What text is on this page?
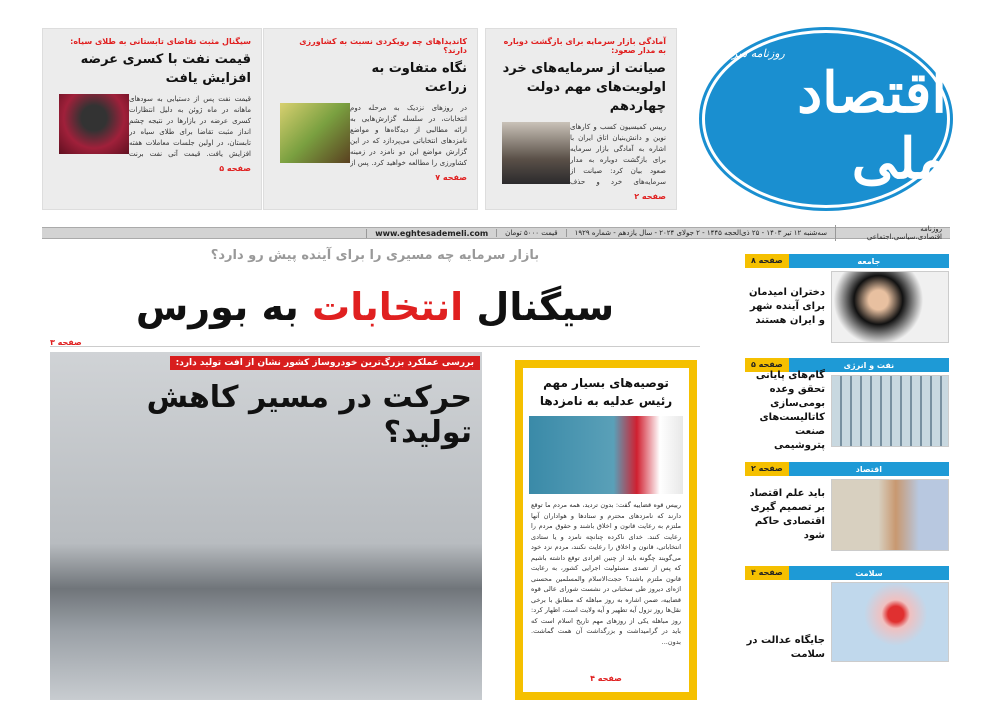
آمادگی بازار سرمایه برای بازگشت دوباره به مدار صعود:
صیانت از سرمایه‌های خرد اولویت‌های مهم دولت چهاردهم
رییس کمیسیون کسب و کارهای نوین و دانش‌بنیان اتاق ایران با اشاره به آمادگی بازار سرمایه برای بازگشت دوباره به مدار صعود بیان کرد: صیانت از سرمایه‌های خرد و حذف
صفحه ۲
کاندیداهای چه رویکردی نسبت به کشاورزی دارند؟
نگاه متفاوت به زراعت
در روزهای نزدیک به مرحله دوم انتخابات، در سلسله گزارش‌هایی به ارائه مطالبی از دیدگاه‌ها و مواضع نامزدهای انتخاباتی می‌پردازد که در این گزارش مواضع این دو نامزد در زمینه کشاورزی را مطالعه خواهید کرد. پس از
صفحه ۷
سیگنال مثبت تقاضای تابستانی به طلای سیاه:
قیمت نفت با کسری عرضه افزایش یافت
قیمت نفت پس از دستیابی به سودهای ماهانه در ماه ژوئن به دلیل انتظارات کسری عرضه در بازارها در نتیجه چشم انداز مثبت تقاضا برای طلای سیاه در تابستان، در اولین جلسات معاملات هفته افزایش یافت. قیمت آتی نفت برنت
صفحه ۵
روزنامه سراسری
اقتصاد ملی
روزنامه اقتصادی،سیاسی،اجتماعی
سه‌شنبه ۱۲ تیر ۱۴۰۳ - ۲۵ ذی‌الحجه ۱۴۴۵ - ۲ جولای ۲۰۲۴ - سال یازدهم - شماره ۱۹۲۹
قیمت ۵۰۰۰ تومان
www.eghtesademeli.com
بازار سرمایه چه مسیری را برای آینده پیش رو دارد؟
سیگنال انتخابات به بورس
صفحه ۳
بررسی عملکرد بزرگ‌ترین خودروساز کشور نشان از افت تولید دارد:
حرکت در مسیر کاهش تولید؟
توصیه‌های بسیار مهم رئیس عدلیه به نامزدها
رییس قوه قضاییه گفت: بدون تردید، همه مردم ما توقع دارند که نامزدهای محترم و ستادها و هواداران آنها ملتزم به رعایت قانون و اخلاق باشند و حقوق مردم را رعایت کنند. خدای ناکرده چنانچه نامزد و یا ستادی انتخاباتی، قانون و اخلاق را رعایت نکنند، مردم نزد خود می‌گویند چگونه باید از چنین افرادی توقع داشته باشیم که پس از تصدی مسئولیت اجرایی کشور، به رعایت قانون ملتزم باشند؟ حجت‌الاسلام والمسلمین محسنی اژه‌ای دیروز طی سخنانی در نشست شورای عالی قوه قضاییه، ضمن اشاره به روز مباهله که مطابق با برخی نقل‌ها روز نزول آیه تطهیر و آیه ولایت است، اظهار کرد: روز مباهله یکی از روزهای مهم تاریخ اسلام است که باید در گرامیداشت و بزرگداشت آن همت گماشت. بدون...
صفحه ۴
جامعه
صفحه ۸
دختران امیدمان برای آینده شهر و ایران هستند
نفت و انرژی
صفحه ۵
گام‌های پایانی تحقق وعده بومی‌سازی کاتالیست‌های صنعت پتروشیمی
اقتصاد
صفحه ۲
باید علم اقتصاد بر تصمیم گیری اقتصادی حاکم شود
سلامت
صفحه ۴
جایگاه عدالت در سلامت
